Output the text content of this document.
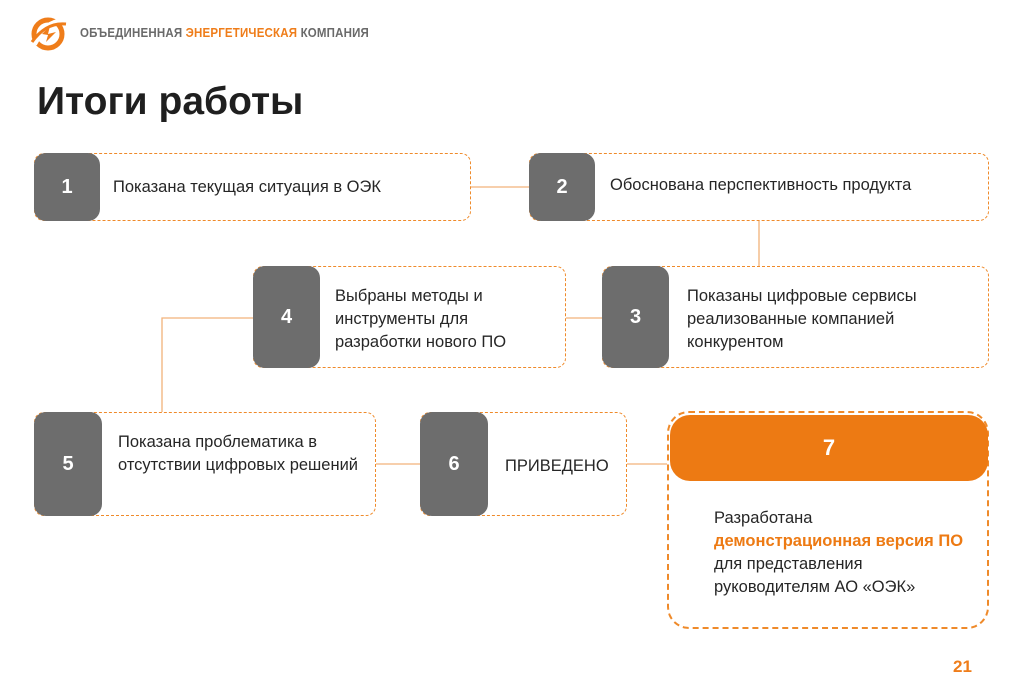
ОБЪЕДИНЕННАЯ ЭНЕРГЕТИЧЕСКАЯ КОМПАНИЯ
Итоги работы
1	Показана текущая ситуация в ОЭК	2	Обоснована перспективность продукта
4
Выбраны методы и инструменты для разработки нового ПО
3
Показаны цифровые сервисы реализованные компанией конкурентом
5
Показана проблематика в отсутствии цифровых решений	6	ПРИВЕДЕНО
7
Разработана демонстрационная версия ПО для представления руководителям АО «ОЭК»
21
